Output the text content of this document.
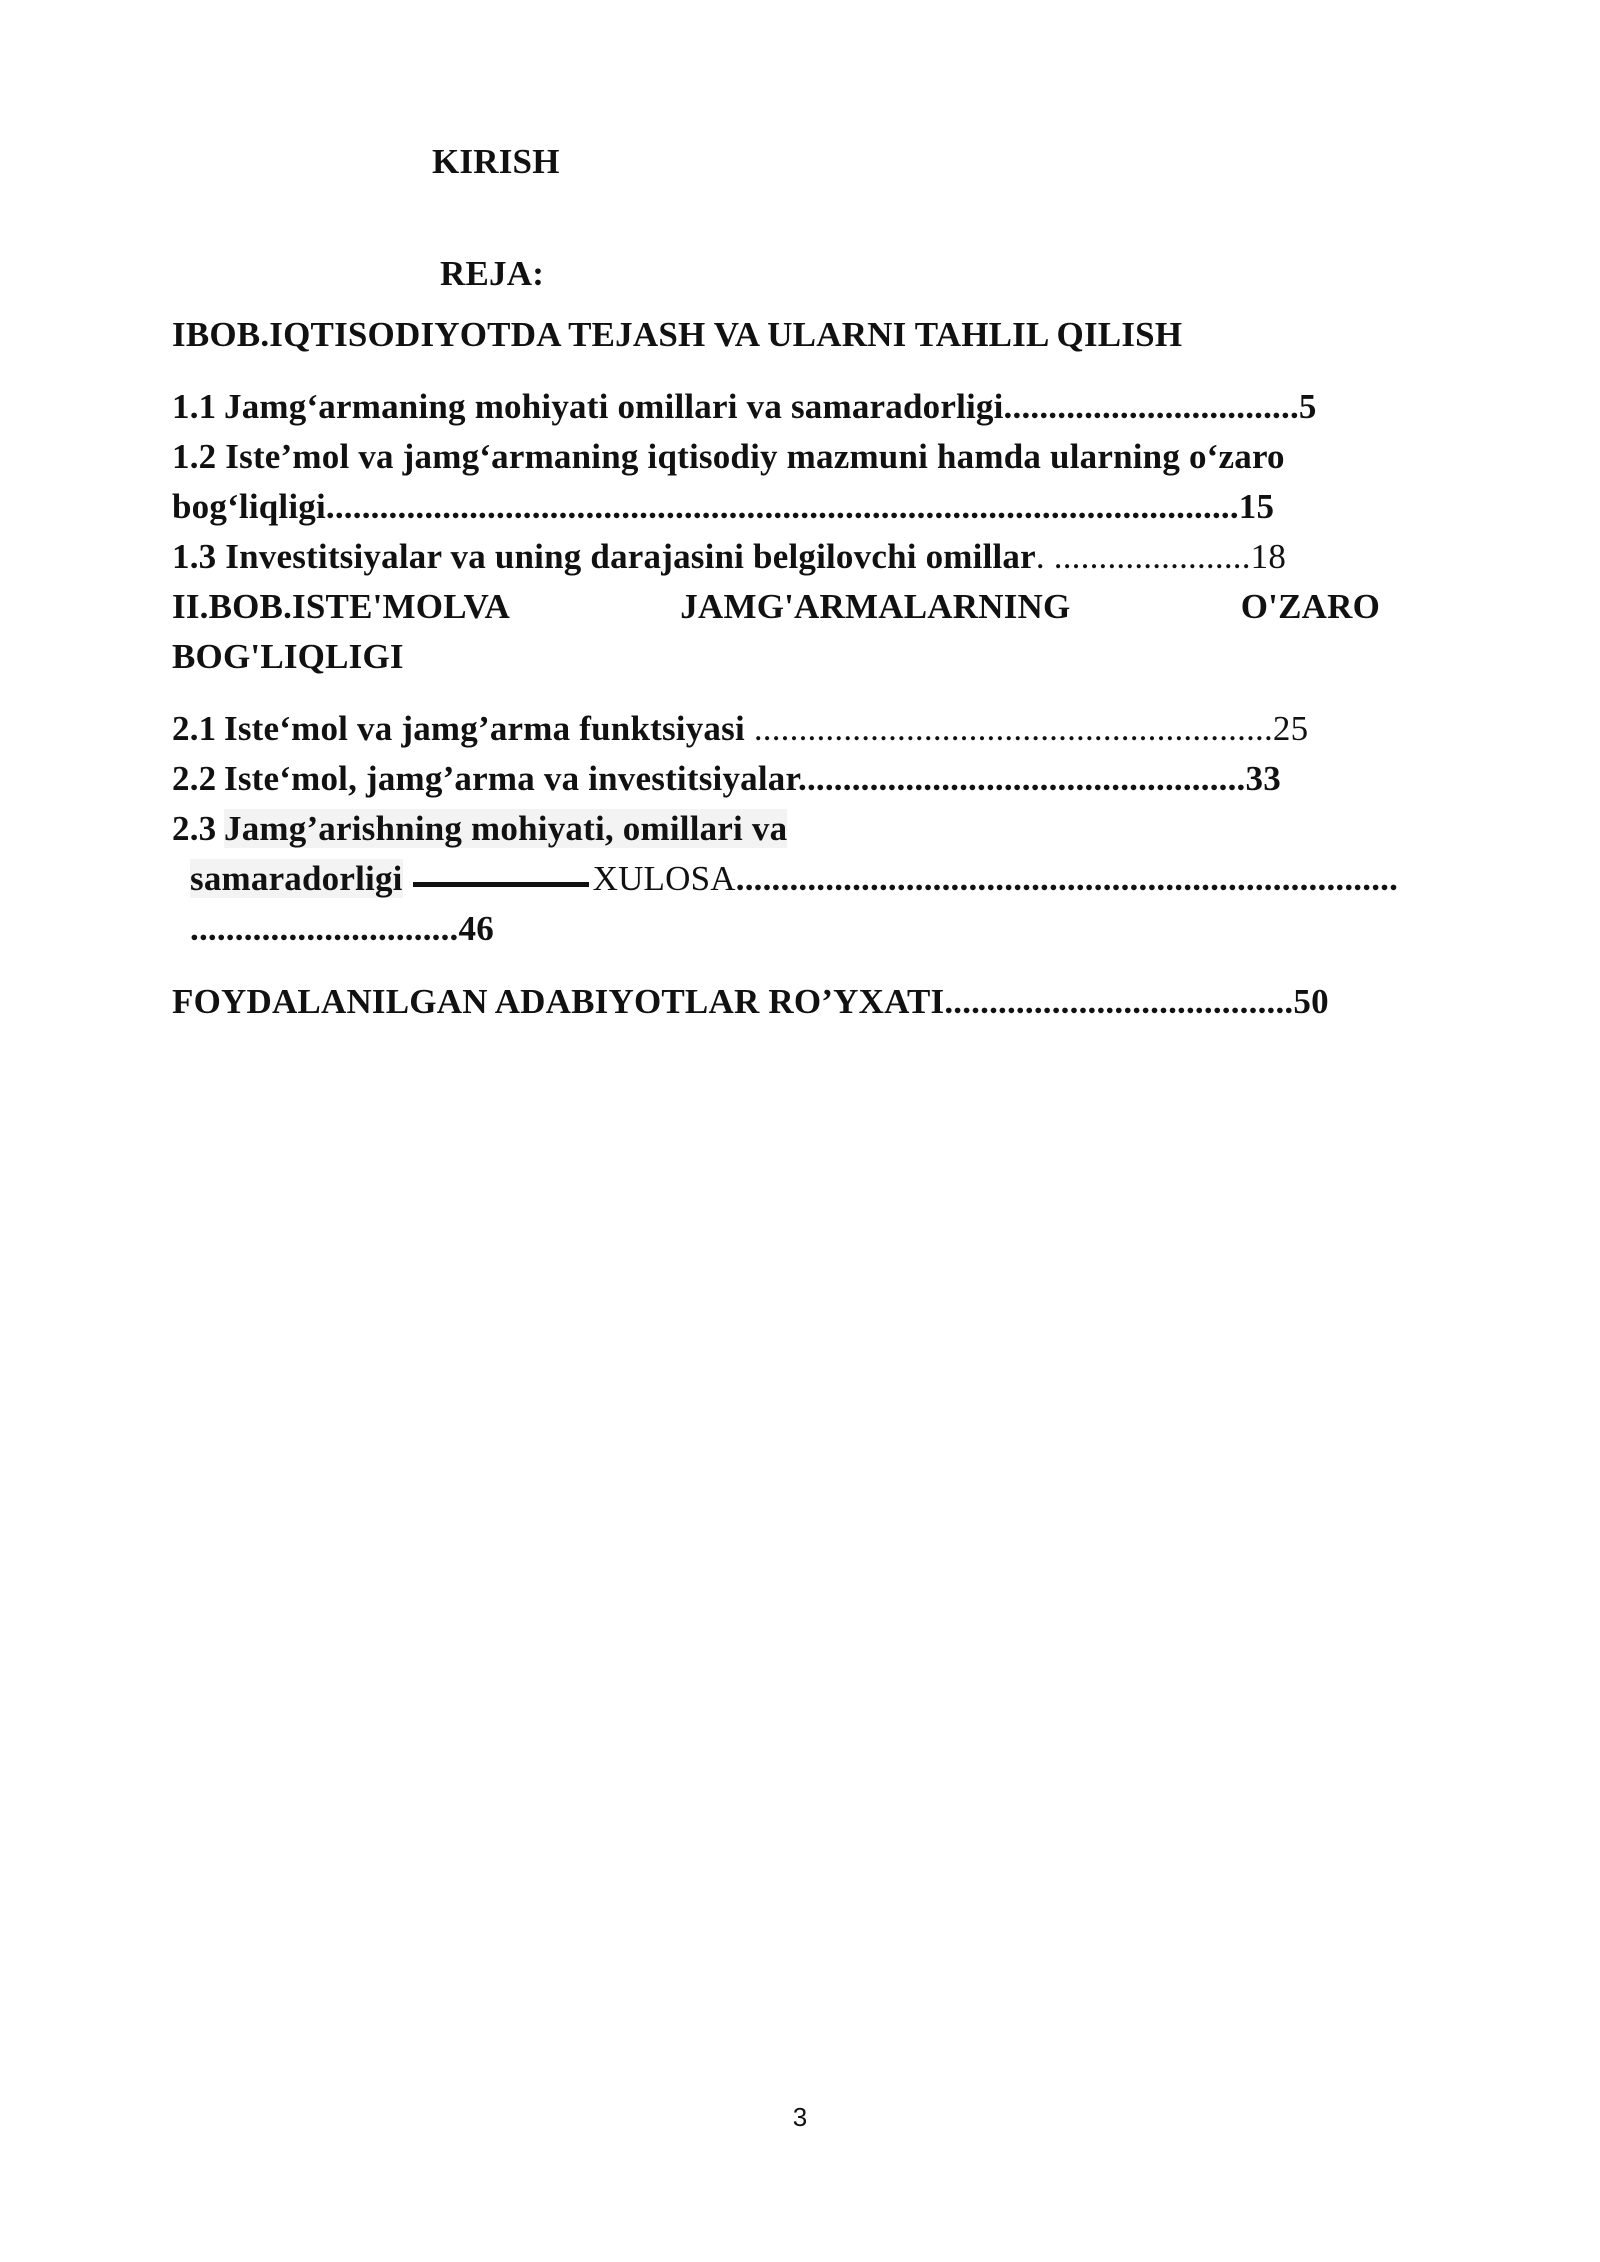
KIRISH
REJA:
IBOB.IQTISODIYOTDA TEJASH VA ULARNI TAHLIL QILISH
1.1 Jamg‘armaning mohiyati omillari va samaradorligi.................................5
1.2 Iste’mol va jamg‘armaning iqtisodiy mazmuni hamda ularning o‘zaro
bog‘liqligi......................................................................................................15
1.3 Investitsiyalar va uning darajasini belgilovchi omillar. ......................18
II.BOB.ISTE'MOLVA	JAMG'ARMALARNING	O'ZARO
BOG'LIQLIGI
2.1 Iste‘mol va jamg’arma funktsiyasi ..........................................................25
2.2 Iste‘mol, jamg’arma va investitsiyalar..................................................33
2.3 Jamg’arishning mohiyati, omillari va
samaradorligi	XULOSA..........................................................................
..............................46
FOYDALANILGAN ADABIYOTLAR RO’YXATI.......................................50
3
